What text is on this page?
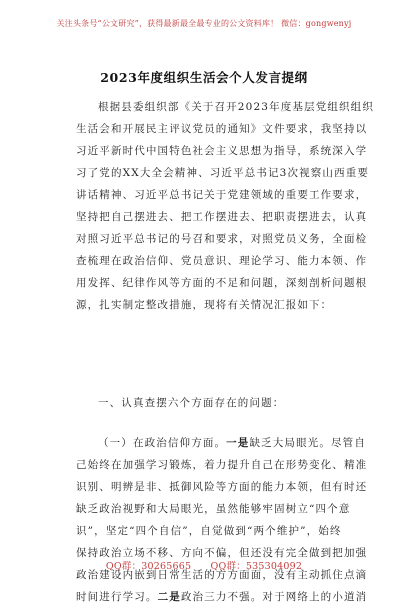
关注头条号“公文研究”，获得最新最全最专业的公文资料库！ 微信：gongwenyj
2023年度组织生活会个人发言提纲
根据县委组织部《关于召开2023年度基层党组织组织
生活会和开展民主评议党员的通知》文件要求，我坚持以
习近平新时代中国特色社会主义思想为指导，系统深入学
习了党的XX大全会精神、习近平总书记3次视察山西重要
讲话精神、习近平总书记关于党建领域的重要工作要求，
坚持把自己摆进去、把工作摆进去、把职责摆进去，认真
对照习近平总书记的号召和要求，对照党员义务，全面检
查梳理在政治信仰、党员意识、理论学习、能力本领、作
用发挥、纪律作风等方面的不足和问题，深刻剖析问题根
源，扎实制定整改措施，现将有关情况汇报如下：
一、认真查摆六个方面存在的问题：
（一）在政治信仰方面。一是缺乏大局眼光。尽管自
己始终在加强学习锻炼，着力提升自己在形势变化、精准
识别、明辨是非、抵御风险等方面的能力本领，但有时还
缺乏政治视野和大局眼光，虽然能够牢固树立“四个意
识”，坚定“四个自信”，自觉做到“两个维护”，始终
保持政治立场不移、方向不偏，但还没有完全做到把加强
政治建设内嵌到日常生活的方方面面，没有主动抓住点滴
时间进行学习。二是政治三力不强。对于网络上的小道消
QQ群：30265665 QQ群：535304092
